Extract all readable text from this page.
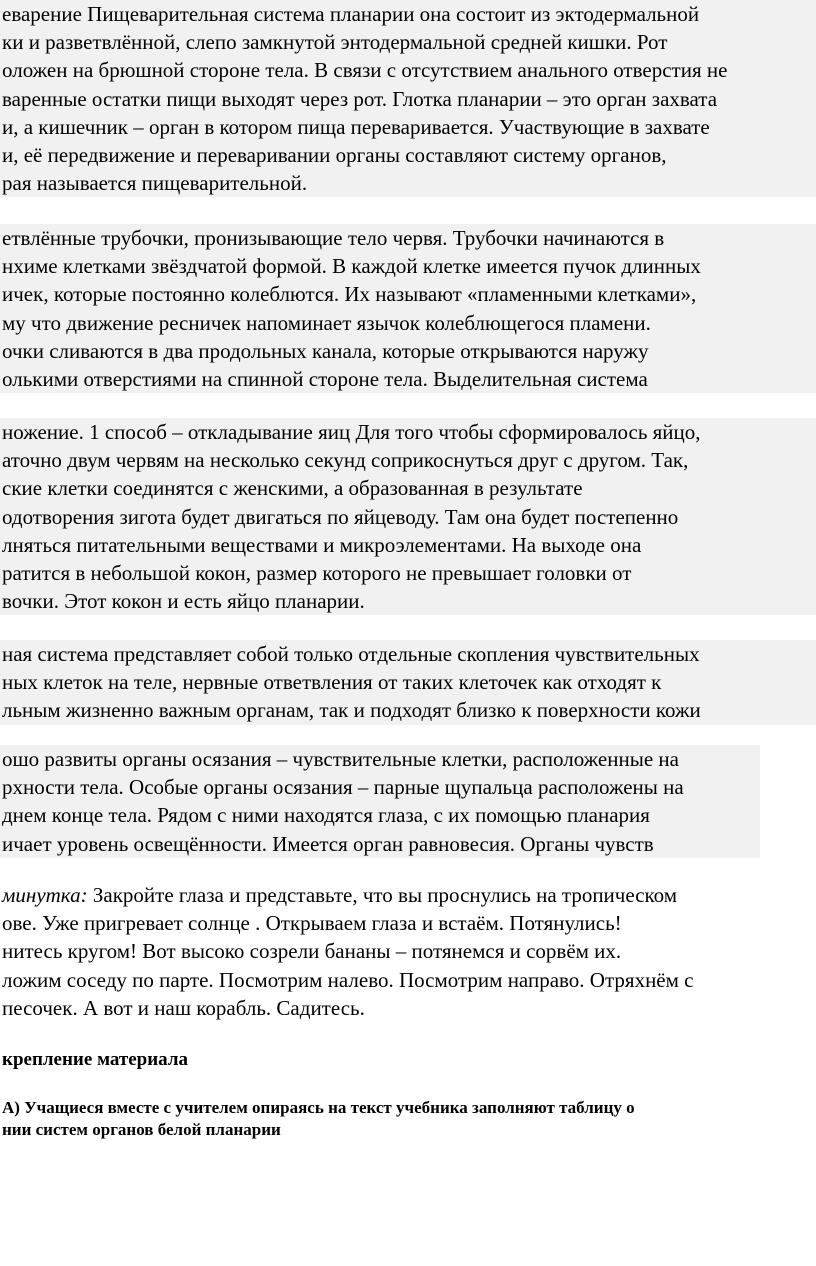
еварение Пищеварительная система планарии она состоит из эктодермальной
ки и разветвлённой, слепо замкнутой энтодермальной средней кишки. Рот
оложен на брюшной стороне тела. В связи с отсутствием анального отверстия не
варенные остатки пищи выходят через рот. Глотка планарии – это орган захвата
и, а кишечник – орган в котором пища переваривается. Участвующие в захвате
и, её передвижение и переваривании органы составляют систему органов,
рая называется пищеварительной.
етвлённые трубочки, пронизывающие тело червя. Трубочки начинаются в
нхиме клетками звёздчатой формой. В каждой клетке имеется пучок длинных
ичек, которые постоянно колеблются. Их называют «пламенными клетками»,
му что движение ресничек напоминает язычок колеблющегося пламени.
очки сливаются в два продольных канала, которые открываются наружу
олькими отверстиями на спинной стороне тела. Выделительная система
ножение. 1 способ – откладывание яиц Для того чтобы сформировалось яйцо,
аточно двум червям на несколько секунд соприкоснуться друг с другом. Так,
ские клетки соединятся с женскими, а образованная в результате
одотворения зигота будет двигаться по яйцеводу. Там она будет постепенно
лняться питательными веществами и микроэлементами. На выходе она
ратится в небольшой кокон, размер которого не превышает головки от
вочки. Этот кокон и есть яйцо планарии.
ная система представляет собой только отдельные скопления чувствительных
ных клеток на теле, нервные ответвления от таких клеточек как отходят к
льным жизненно важным органам, так и подходят близко к поверхности кожи
ошо развиты органы осязания – чувствительные клетки, расположенные на
рхности тела. Особые органы осязания – парные щупальца расположены на
днем конце тела. Рядом с ними находятся глаза, с их помощью планария
ичает уровень освещённости. Имеется орган равновесия. Органы чувств
минутка: Закройте глаза и представьте, что вы проснулись на тропическом
ове. Уже пригревает солнце . Открываем глаза и встаём. Потянулись!
нитесь кругом! Вот высоко созрели бананы – потянемся и сорвём их.
ложим соседу по парте. Посмотрим налево. Посмотрим направо. Отряхнём с
песочек. А вот и наш корабль. Садитесь.
крепление материала
А) Учащиеся вместе с учителем опираясь на текст учебника заполняют таблицу о
нии систем органов белой планарии
